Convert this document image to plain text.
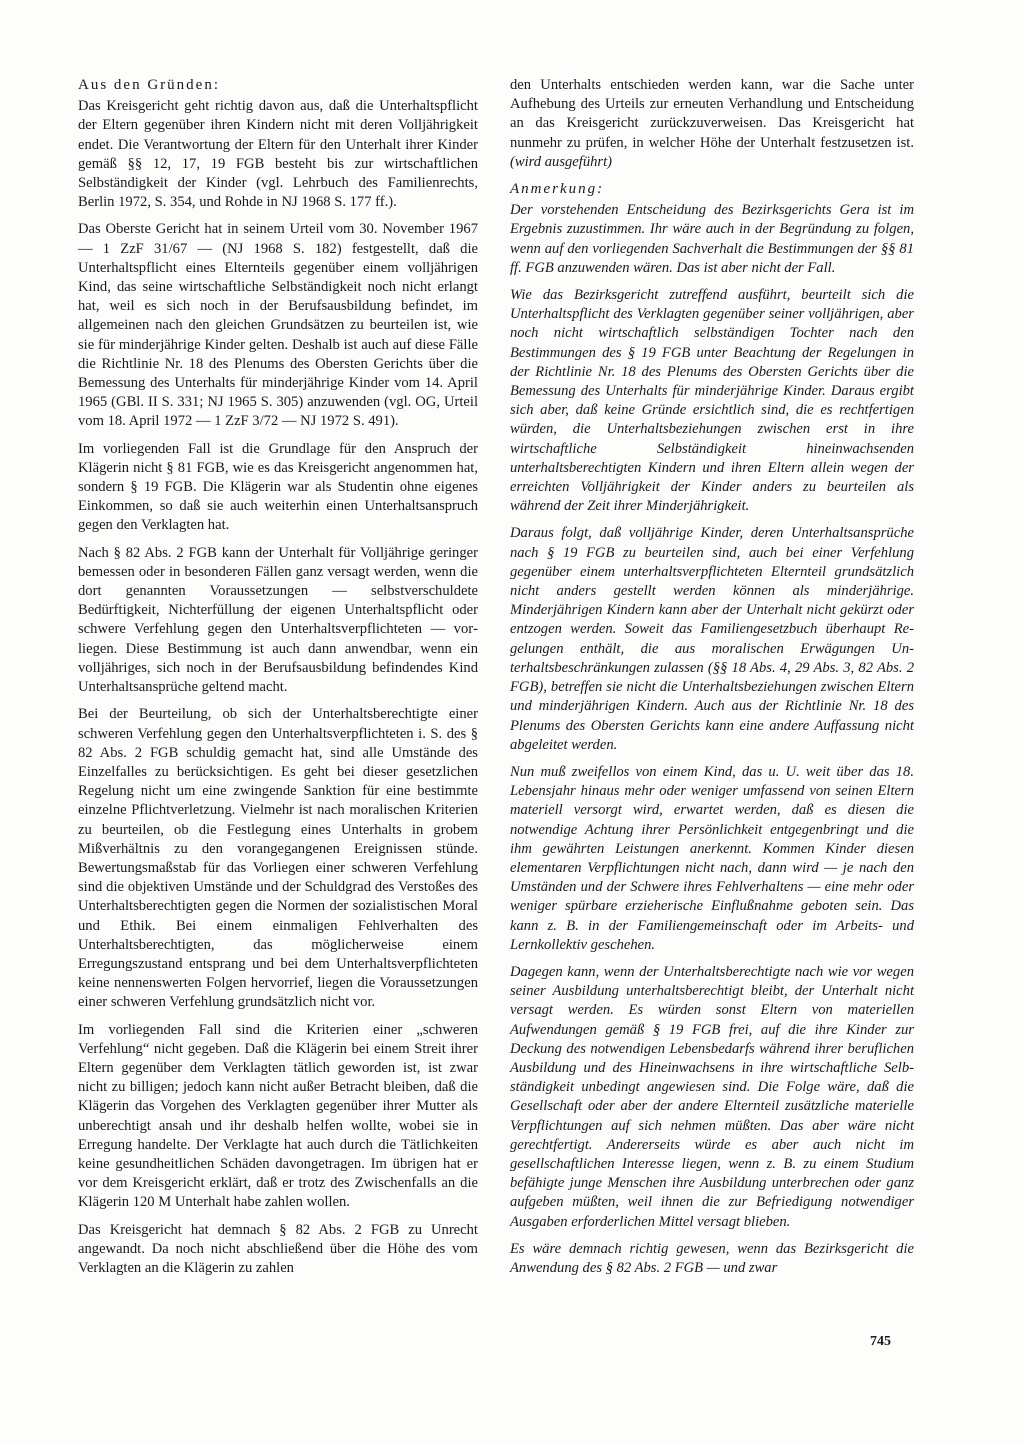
Aus den Gründen:

Das Kreisgericht geht richtig davon aus, daß die Unterhaltspflicht der Eltern gegenüber ihren Kindern nicht mit deren Volljährigkeit endet. Die Verantwortung der Eltern für den Unterhalt ihrer Kinder gemäß §§ 12, 17, 19 FGB besteht bis zur wirtschaftlichen Selbständigkeit der Kinder (vgl. Lehrbuch des Familienrechts, Berlin 1972, S. 354, und Rohde in NJ 1968 S. 177 ff.).

Das Oberste Gericht hat in seinem Urteil vom 30. November 1967 — 1 ZzF 31/67 — (NJ 1968 S. 182) festgestellt, daß die Unterhaltspflicht eines Elternteils gegenüber einem volljährigen Kind, das seine wirtschaftliche Selbständigkeit noch nicht erlangt hat, weil es sich noch in der Berufsausbildung befindet, im allgemeinen nach den gleichen Grundsätzen zu beurteilen ist, wie sie für minderjährige Kinder gelten. Deshalb ist auch auf diese Fälle die Richtlinie Nr. 18 des Plenums des Obersten Gerichts über die Bemessung des Unterhalts für minderjährige Kinder vom 14. April 1965 (GBl. II S. 331; NJ 1965 S. 305) anzuwenden (vgl. OG, Urteil vom 18. April 1972 — 1 ZzF 3/72 — NJ 1972 S. 491).

Im vorliegenden Fall ist die Grundlage für den Anspruch der Klägerin nicht § 81 FGB, wie es das Kreisgericht angenommen hat, sondern § 19 FGB. Die Klägerin war als Studentin ohne eigenes Einkommen, so daß sie auch weiterhin einen Unterhaltsanspruch gegen den Verklagten hat.

Nach § 82 Abs. 2 FGB kann der Unterhalt für Volljährige geringer bemessen oder in besonderen Fällen ganz versagt werden, wenn die dort genannten Voraussetzungen — selbstverschuldete Bedürftigkeit, Nichterfüllung der eigenen Unterhaltspflicht oder schwere Verfehlung gegen den Unterhaltsverpflichteten — vorliegen. Diese Bestimmung ist auch dann anwendbar, wenn ein volljähriges, sich noch in der Berufsausbildung befindendes Kind Unterhaltsansprüche geltend macht.

Bei der Beurteilung, ob sich der Unterhaltsberechtigte einer schweren Verfehlung gegen den Unterhaltsverpflichteten i. S. des § 82 Abs. 2 FGB schuldig gemacht hat, sind alle Umstände des Einzelfalles zu berücksichtigen. Es geht bei dieser gesetzlichen Regelung nicht um eine zwingende Sanktion für eine bestimmte einzelne Pflichtverletzung. Vielmehr ist nach moralischen Kriterien zu beurteilen, ob die Festlegung eines Unterhalts in grobem Mißverhältnis zu den vorangegangenen Ereignissen stünde. Bewertungsmaßstab für das Vorliegen einer schweren Verfehlung sind die objektiven Umstände und der Schuldgrad des Verstoßes des Unterhaltsberechtigten gegen die Normen der sozialistischen Moral und Ethik. Bei einem einmaligen Fehlverhalten des Unterhaltsberechtigten, das möglicherweise einem Erregungszustand entsprang und bei dem Unterhaltsverpflichteten keine nennenswerten Folgen hervorrief, liegen die Voraussetzungen einer schweren Verfehlung grundsätzlich nicht vor.

Im vorliegenden Fall sind die Kriterien einer „schweren Verfehlung“ nicht gegeben. Daß die Klägerin bei einem Streit ihrer Eltern gegenüber dem Verklagten tätlich geworden ist, ist zwar nicht zu billigen; jedoch kann nicht außer Betracht bleiben, daß die Klägerin das Vorgehen des Verklagten gegenüber ihrer Mutter als unberechtigt ansah und ihr deshalb helfen wollte, wobei sie in Erregung handelte. Der Verklagte hat auch durch die Tätlichkeiten keine gesundheitlichen Schäden davongetragen. Im übrigen hat er vor dem Kreisgericht erklärt, daß er trotz des Zwischenfalls an die Klägerin 120 M Unterhalt habe zahlen wollen.

Das Kreisgericht hat demnach § 82 Abs. 2 FGB zu Unrecht angewandt. Da noch nicht abschließend über die Höhe des vom Verklagten an die Klägerin zu zahlen

den Unterhalts entschieden werden kann, war die Sache unter Aufhebung des Urteils zur erneuten Verhandlung und Entscheidung an das Kreisgericht zurückzuverweisen. Das Kreisgericht hat nunmehr zu prüfen, in welcher Höhe der Unterhalt festzusetzen ist. (wird ausgeführt)

Anmerkung:

Der vorstehenden Entscheidung des Bezirksgerichts Gera ist im Ergebnis zuzustimmen. Ihr wäre auch in der Begründung zu folgen, wenn auf den vorliegenden Sachverhalt die Bestimmungen der §§ 81 ff. FGB anzuwenden wären. Das ist aber nicht der Fall.

Wie das Bezirksgericht zutreffend ausführt, beurteilt sich die Unterhaltspflicht des Verklagten gegenüber seiner volljährigen, aber noch nicht wirtschaftlich selbständigen Tochter nach den Bestimmungen des § 19 FGB unter Beachtung der Regelungen in der Richtlinie Nr. 18 des Plenums des Obersten Gerichts über die Bemessung des Unterhalts für minderjährige Kinder. Daraus ergibt sich aber, daß keine Gründe ersichtlich sind, die es rechtfertigen würden, die Unterhaltsbeziehungen zwischen erst in ihre wirtschaftliche Selbständigkeit hineinwachsenden unterhaltsberechtigten Kindern und ihren Eltern allein wegen der erreichten Volljährigkeit der Kinder anders zu beurteilen als während der Zeit ihrer Minderjährigkeit.

Daraus folgt, daß volljährige Kinder, deren Unterhaltsansprüche nach § 19 FGB zu beurteilen sind, auch bei einer Verfehlung gegenüber einem unterhaltsverpflichteten Elternteil grundsätzlich nicht anders gestellt werden können als minderjährige. Minderjährigen Kindern kann aber der Unterhalt nicht gekürzt oder entzogen werden. Soweit das Familiengesetzbuch überhaupt Regelungen enthält, die aus moralischen Erwägungen Unterhaltsbeschränkungen zulassen (§§ 18 Abs. 4, 29 Abs. 3, 82 Abs. 2 FGB), betreffen sie nicht die Unterhaltsbeziehungen zwischen Eltern und minderjährigen Kindern. Auch aus der Richtlinie Nr. 18 des Plenums des Obersten Gerichts kann eine andere Auffassung nicht abgeleitet werden.

Nun muß zweifellos von einem Kind, das u. U. weit über das 18. Lebensjahr hinaus mehr oder weniger umfassend von seinen Eltern materiell versorgt wird, erwartet werden, daß es diesen die notwendige Achtung ihrer Persönlichkeit entgegenbringt und die ihm gewährten Leistungen anerkennt. Kommen Kinder diesen elementaren Verpflichtungen nicht nach, dann wird — je nach den Umständen und der Schwere ihres Fehlverhaltens — eine mehr oder weniger spürbare erzieherische Einflußnahme geboten sein. Das kann z. B. in der Familiengemeinschaft oder im Arbeits- und Lernkollektiv geschehen.

Dagegen kann, wenn der Unterhaltsberechtigte nach wie vor wegen seiner Ausbildung unterhaltsberechtigt bleibt, der Unterhalt nicht versagt werden. Es würden sonst Eltern von materiellen Aufwendungen gemäß § 19 FGB frei, auf die ihre Kinder zur Deckung des notwendigen Lebensbedarfs während ihrer beruflichen Ausbildung und des Hineinwachsens in ihre wirtschaftliche Selbständigkeit unbedingt angewiesen sind. Die Folge wäre, daß die Gesellschaft oder aber der andere Elternteil zusätzliche materielle Verpflichtungen auf sich nehmen müßten. Das aber wäre nicht gerechtfertigt. Andererseits würde es aber auch nicht im gesellschaftlichen Interesse liegen, wenn z. B. zu einem Studium befähigte junge Menschen ihre Ausbildung unterbrechen oder ganz aufgeben müßten, weil ihnen die zur Befriedigung notwendiger Ausgaben erforderlichen Mittel versagt blieben.

Es wäre demnach richtig gewesen, wenn das Bezirksgericht die Anwendung des § 82 Abs. 2 FGB — und zwar

745
